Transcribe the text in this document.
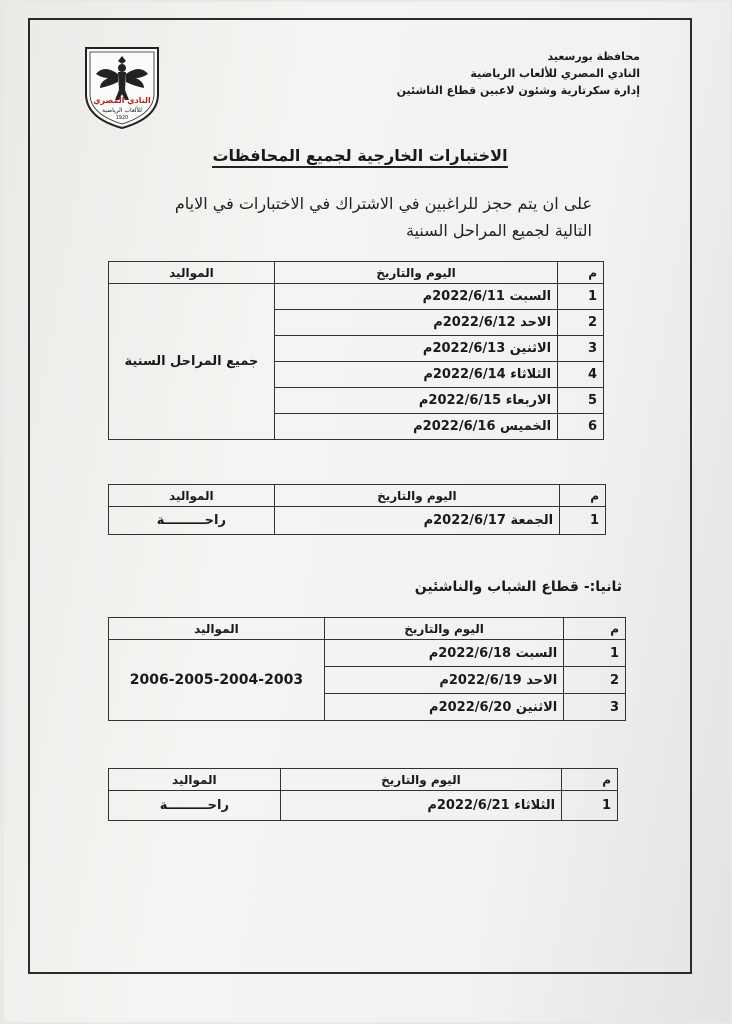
النادي المصري
للألعاب الرياضية
1920
محافظة بورسعيد
النادي المصري للألعاب الرياضية
إدارة سكرتارية وشئون لاعبين قطاع الناشئين
الاختبارات الخارجية لجميع المحافظات
على ان يتم حجز للراغبين في الاشتراك في الاختبارات في الايام
التالية لجميع المراحل السنية
م	اليوم والتاريخ	المواليد
1	السبت 2022/6/11م	جميع المراحل السنية
2	الاحد 2022/6/12م	
3	الاثنين 2022/6/13م	
4	الثلاثاء 2022/6/14م	
5	الاربعاء 2022/6/15م	
6	الخميس 2022/6/16م	
م	اليوم والتاريخ	المواليد
1	الجمعة 2022/6/17م	راحـــــــــة
ثانيا:- قطاع الشباب والناشئين
م	اليوم والتاريخ	المواليد
1	السبت 2022/6/18م	2006-2005-2004-2003
2	الاحد 2022/6/19م	
3	الاثنين 2022/6/20م	
م	اليوم والتاريخ	المواليد
1	الثلاثاء 2022/6/21م	راحـــــــــة
